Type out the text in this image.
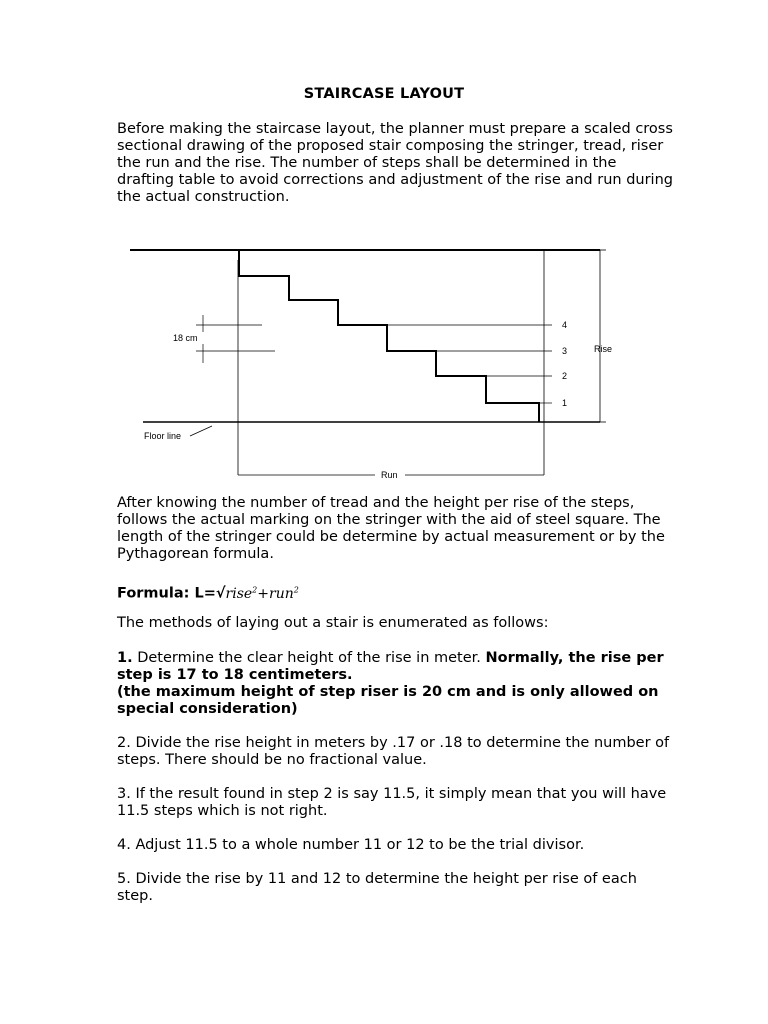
STAIRCASE LAYOUT

Before making the staircase layout, the planner must prepare a scaled cross sectional drawing of the proposed stair composing the stringer, tread, riser the run and the rise. The number of steps shall be determined in the drafting table to avoid corrections and adjustment of the rise and run during the actual construction.

18 cm
Floor line
Run
Rise
4
3
2
1

After knowing the number of tread and the height per rise of the steps, follows the actual marking on the stringer with the aid of steel square. The length of the stringer could be determine by actual measurement or by the Pythagorean formula.

Formula: L=√rise$^2$+run$^2$

The methods of laying out a stair is enumerated as follows:

1. Determine the clear height of the rise in meter. Normally, the rise per step is 17 to 18 centimeters.
(the maximum height of step riser is 20 cm and is only allowed on special consideration)

2. Divide the rise height in meters by .17 or .18 to determine the number of steps. There should be no fractional value.

3. If the result found in step 2 is say 11.5, it simply mean that you will have 11.5 steps which is not right.

4. Adjust 11.5 to a whole number 11 or 12 to be the trial divisor.

5. Divide the rise by 11 and 12 to determine the height per rise of each step.
